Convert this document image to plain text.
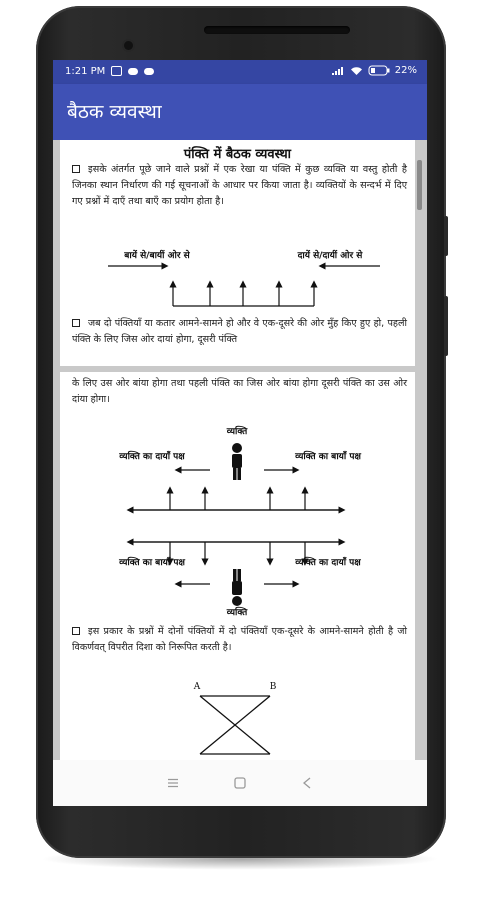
1:21 PM	22%
बैठक व्यवस्था
पंक्ति में बैठक व्यवस्था
इसके अंतर्गत पूछे जाने वाले प्रश्नों में एक रेखा या पंक्ति में कुछ व्यक्ति या वस्तु होती है जिनका स्थान निर्धारण की गई सूचनाओं के आधार पर किया जाता है। व्यक्तियों के सन्दर्भ में दिए गए प्रश्नों में दाएँ तथा बाएँ का प्रयोग होता है।
बायें से/बायीं ओर से	दायें से/दायीं ओर से
जब दो पंक्तियाँ या कतार आमने-सामने हो और वे एक-दूसरे की ओर मुँह किए हुए हो, पहली पंक्ति के लिए जिस ओर दायां होगा, दूसरी पंक्ति
के लिए उस ओर बांया होगा तथा पहली पंक्ति का जिस ओर बांया होगा दूसरी पंक्ति का उस ओर दांया होगा।
व्यक्ति
व्यक्ति का दायाँ पक्ष	व्यक्ति का बायाँ पक्ष
व्यक्ति का बायाँ पक्ष	व्यक्ति का दायाँ पक्ष
व्यक्ति
इस प्रकार के प्रश्नों में दोनों पंक्तियों में दो पंक्तियाँ एक-दूसरे के आमने-सामने होती है जो विकर्णवत् विपरीत दिशा को निरूपित करती है।
A	B
